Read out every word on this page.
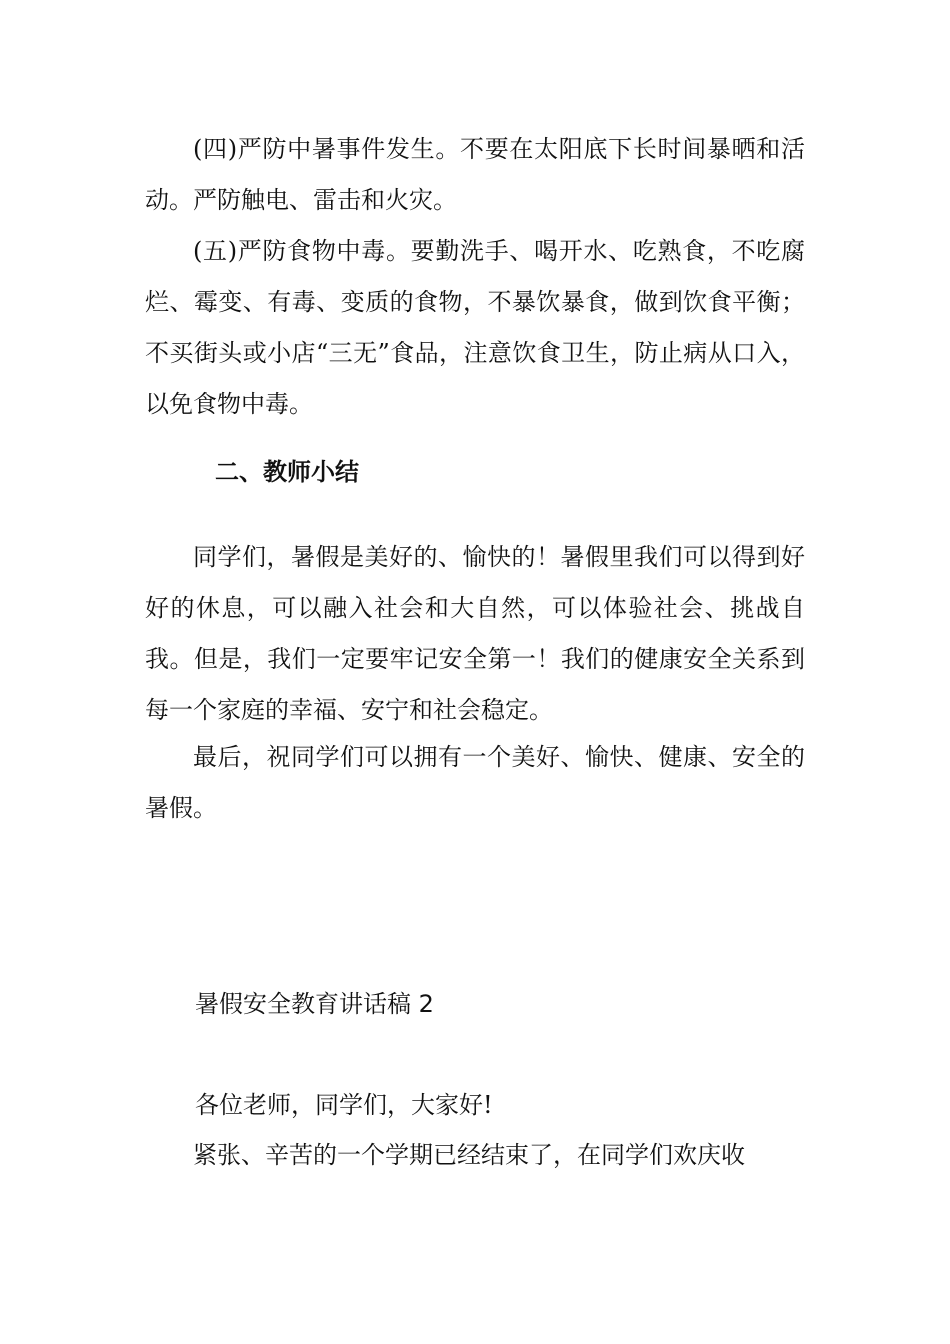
(四)严防中暑事件发生。不要在太阳底下长时间暴晒和活动。严防触电、雷击和火灾。

(五)严防食物中毒。要勤洗手、喝开水、吃熟食，不吃腐烂、霉变、有毒、变质的食物，不暴饮暴食，做到饮食平衡；不买街头或小店“三无”食品，注意饮食卫生，防止病从口入，以免食物中毒。

二、教师小结

同学们，暑假是美好的、愉快的！暑假里我们可以得到好好的休息，可以融入社会和大自然，可以体验社会、挑战自我。但是，我们一定要牢记安全第一！我们的健康安全关系到每一个家庭的幸福、安宁和社会稳定。

最后，祝同学们可以拥有一个美好、愉快、健康、安全的暑假。

暑假安全教育讲话稿 2

各位老师，同学们，大家好!

紧张、辛苦的一个学期已经结束了，在同学们欢庆收
